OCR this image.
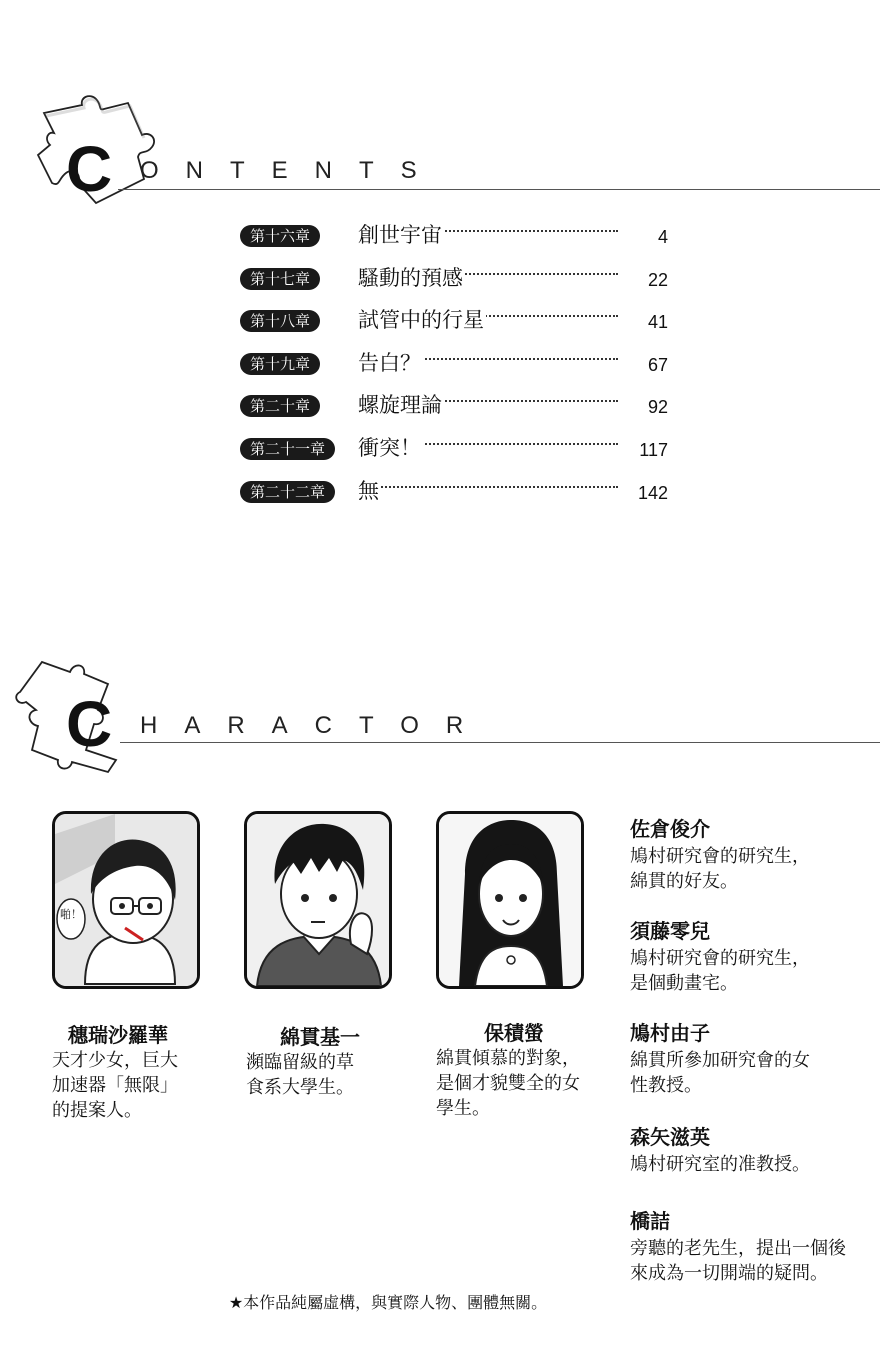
C ONTENTS
第十六章	創世宇宙	4
第十七章	騷動的預感	22
第十八章	試管中的行星	41
第十九章	告白？	67
第二十章	螺旋理論	92
第二十一章	衝突！	117
第二十二章	無	142
C HARACTOR
啪！
穗瑞沙羅華
天才少女，巨大
加速器「無限」
的提案人。
綿貫基一
瀕臨留級的草
食系大學生。
保積螢
綿貫傾慕的對象，
是個才貌雙全的女
學生。
佐倉俊介
鳩村研究會的研究生，
綿貫的好友。
須藤零兒
鳩村研究會的研究生，
是個動畫宅。
鳩村由子
綿貫所參加研究會的女
性教授。
森矢滋英
鳩村研究室的准教授。
橋詰
旁聽的老先生，提出一個後
來成為一切開端的疑問。
★本作品純屬虛構，與實際人物、團體無關。
